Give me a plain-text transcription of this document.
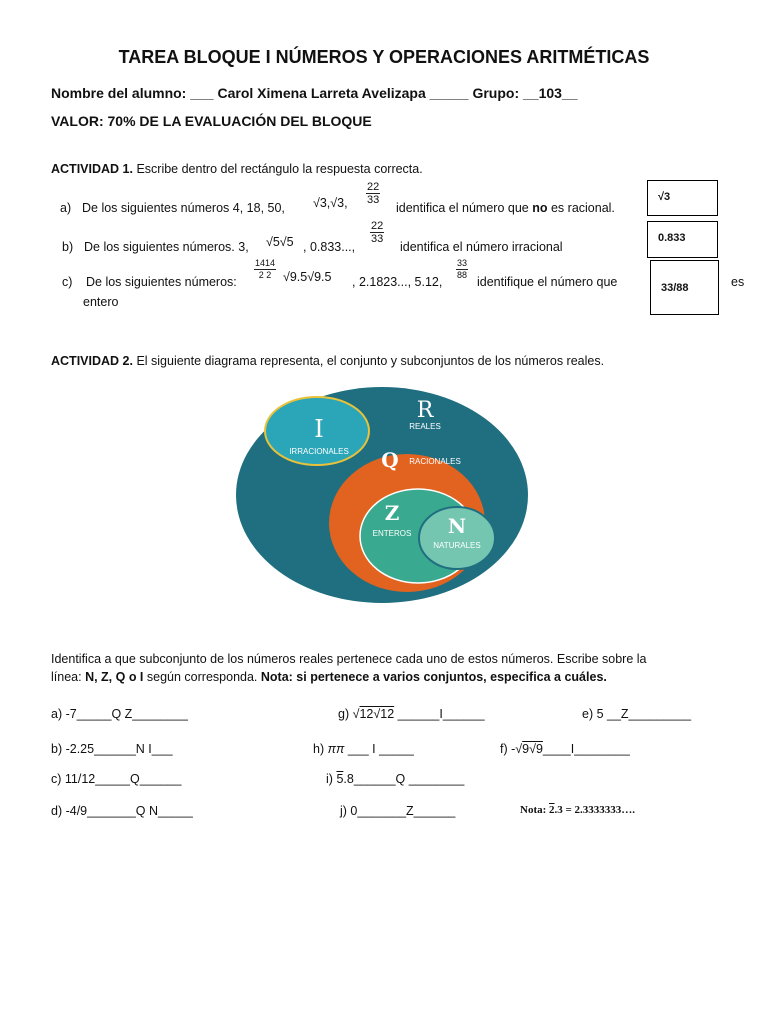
TAREA BLOQUE I NÚMEROS Y OPERACIONES ARITMÉTICAS
Nombre del alumno: ___ Carol Ximena Larreta Avelizapa _____ Grupo: __103__
VALOR: 70% DE LA EVALUACIÓN DEL BLOQUE
ACTIVIDAD 1. Escribe dentro del rectángulo la respuesta correcta.
a) De los siguientes números 4, 18, 50, √3,√3, $\frac{22}{33}$
identifica el número que no es racional.
√3
b) De los siguientes números. 3, √5√5 , 0.833...,
$\frac{22}{33}$
identifica el número irracional
0.833
c) De los siguientes números:
$\frac{1414}{2 2} √9.5√9.5$ , 2.1823..., 5.12,
$\frac{33}{88}$
identifique el número que	es
entero
33/88
ACTIVIDAD 2. El siguiente diagrama representa, el conjunto y subconjuntos de los números reales.
R
REALES
I
IRRACIONALES Q RACIONALES
Z
ENTEROS N
NATURALES
Identifica a que subconjunto de los números reales pertenece cada uno de estos números. Escribe sobre la
línea: N, Z, Q o I según corresponda. Nota: si pertenece a varios conjuntos, especifica a cuáles.
a) -7_____Q Z________
b) -2.25______N I___
c) 11/12_____Q______
d) -4/9_______Q N_____
g) √12√12 ______I______
h) ππ ___ I _____
i) 5.8______Q ________
j) 0_______Z______
e) 5 __Z_________
f) -√9√9____I________
Nota: 2.3 = 2.3333333….
